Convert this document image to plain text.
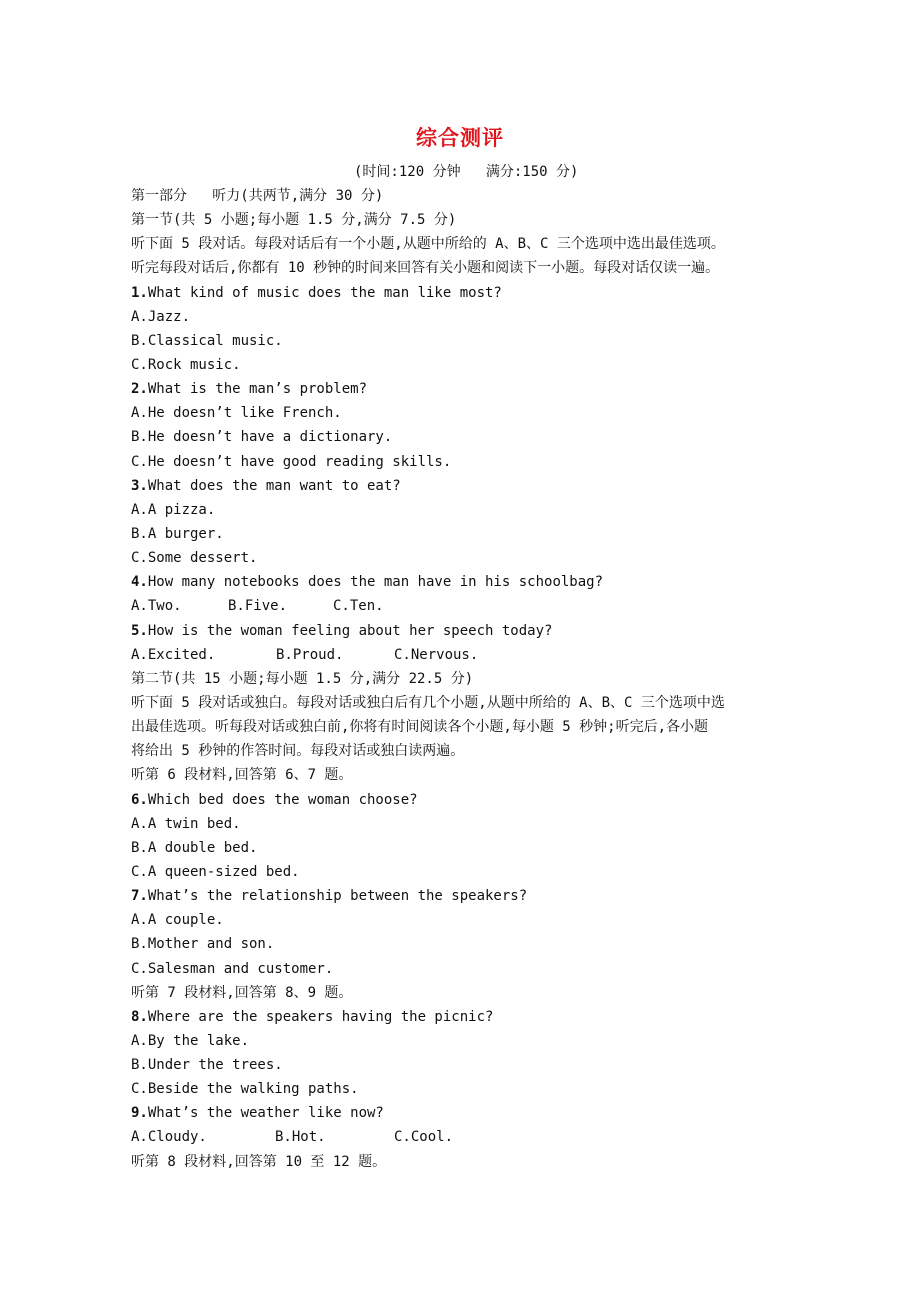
综合测评

(时间:120 分钟   满分:150 分)

第一部分   听力(共两节,满分 30 分)

第一节(共 5 小题;每小题 1.5 分,满分 7.5 分)

听下面 5 段对话。每段对话后有一个小题,从题中所给的 A、B、C 三个选项中选出最佳选项。

听完每段对话后,你都有 10 秒钟的时间来回答有关小题和阅读下一小题。每段对话仅读一遍。

1.What kind of music does the man like most?

A.Jazz.

B.Classical music.

C.Rock music.

2.What is the man’s problem?

A.He doesn’t like French.

B.He doesn’t have a dictionary.

C.He doesn’t have good reading skills.

3.What does the man want to eat?

A.A pizza.

B.A burger.

C.Some dessert.

4.How many notebooks does the man have in his schoolbag?

A.Two.	B.Five.	C.Ten.

5.How is the woman feeling about her speech today?

A.Excited.	B.Proud.	C.Nervous.

第二节(共 15 小题;每小题 1.5 分,满分 22.5 分)

听下面 5 段对话或独白。每段对话或独白后有几个小题,从题中所给的 A、B、C 三个选项中选

出最佳选项。听每段对话或独白前,你将有时间阅读各个小题,每小题 5 秒钟;听完后,各小题

将给出 5 秒钟的作答时间。每段对话或独白读两遍。

听第 6 段材料,回答第 6、7 题。

6.Which bed does the woman choose?

A.A twin bed.

B.A double bed.

C.A queen-sized bed.

7.What’s the relationship between the speakers?

A.A couple.

B.Mother and son.

C.Salesman and customer.

听第 7 段材料,回答第 8、9 题。

8.Where are the speakers having the picnic?

A.By the lake.

B.Under the trees.

C.Beside the walking paths.

9.What’s the weather like now?

A.Cloudy.	B.Hot.	C.Cool.

听第 8 段材料,回答第 10 至 12 题。
